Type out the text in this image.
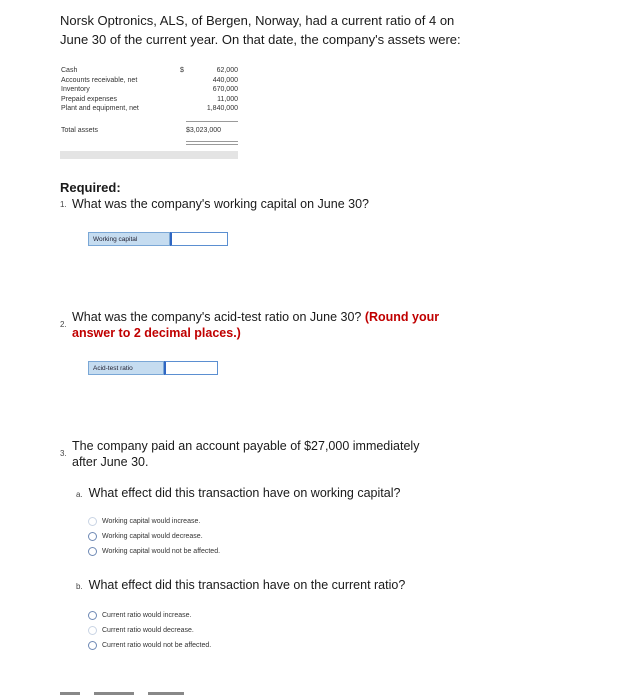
Norsk Optronics, ALS, of Bergen, Norway, had a current ratio of 4 on
June 30 of the current year. On that date, the company's assets were:
Cash	$	62,000
Accounts receivable, net	440,000
Inventory	670,000
Prepaid expenses	11,000
Plant and equipment, net	1,840,000
Total assets	$3,023,000
Required:
1. What was the company's working capital on June 30?
Working capital
2.
What was the company's acid-test ratio on June 30? (Round your
answer to 2 decimal places.)
Acid-test ratio
3.
The company paid an account payable of $27,000 immediately
after June 30.
a. What effect did this transaction have on working capital?
Working capital would increase.
Working capital would decrease.
Working capital would not be affected.
b. What effect did this transaction have on the current ratio?
Current ratio would increase.
Current ratio would decrease.
Current ratio would not be affected.
